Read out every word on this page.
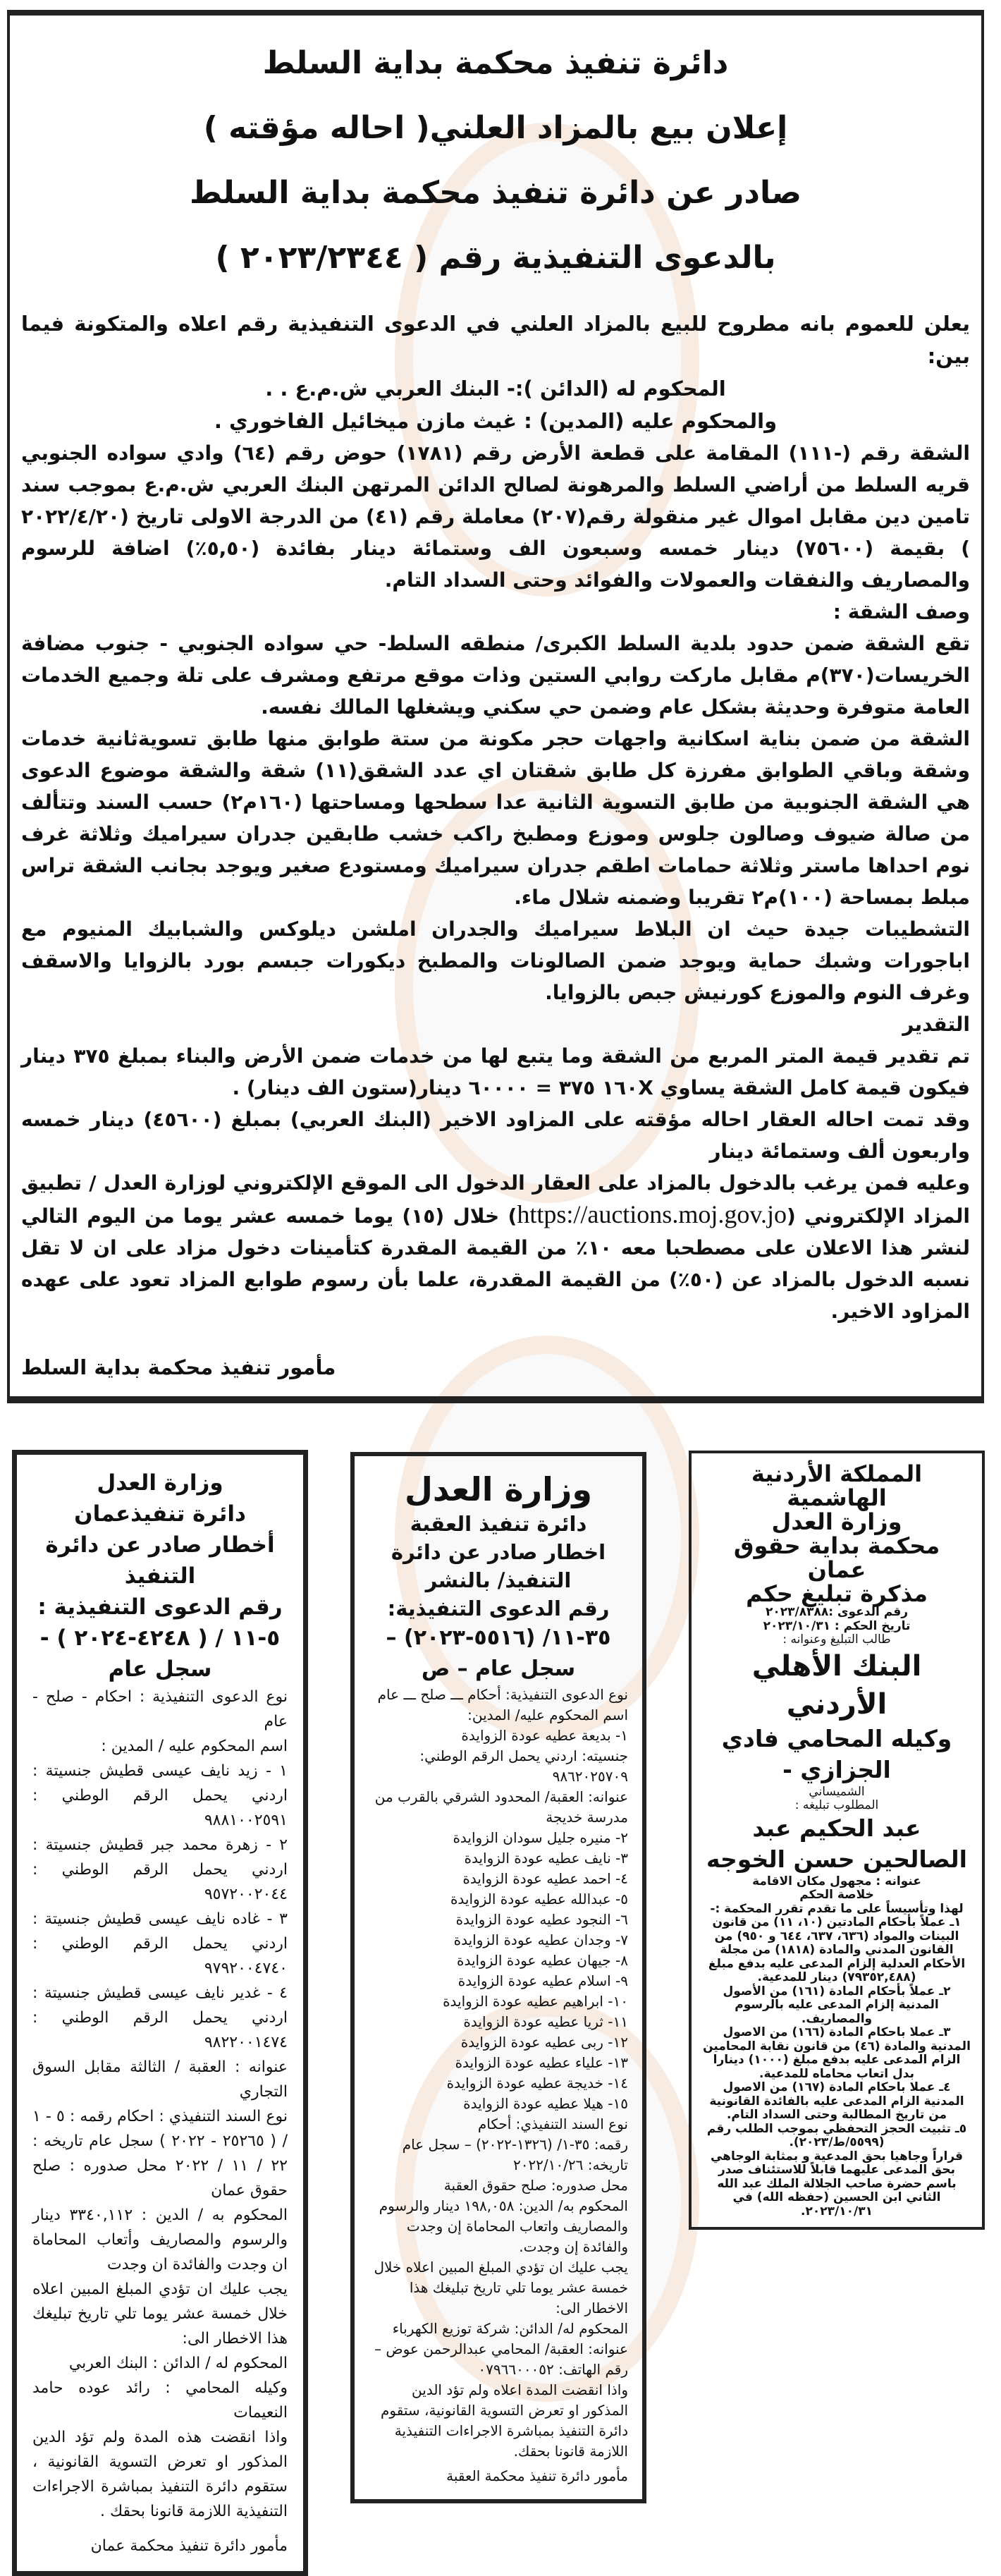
دائرة تنفيذ محكمة بداية السلط
إعلان بيع بالمزاد العلني( احاله مؤقته )
صادر عن دائرة تنفيذ محكمة بداية السلط
بالدعوى التنفيذية رقم ( ٢٠٢٣/٢٣٤٤ )

يعلن للعموم بانه مطروح للبيع بالمزاد العلني في الدعوى التنفيذية رقم اعلاه والمتكونة فيما بين:

المحكوم له (الدائن ):- البنك العربي ش.م.ع . .

والمحكوم عليه (المدين) : غيث مازن ميخائيل الفاخوري .

الشقة رقم (-١١١) المقامة على قطعة الأرض رقم (١٧٨١) حوض رقم (٦٤) وادي سواده الجنوبي قريه السلط من أراضي السلط والمرهونة لصالح الدائن المرتهن البنك العربي ش.م.ع بموجب سند تامين دين مقابل اموال غير منقولة رقم(٢٠٧) معاملة رقم (٤١) من الدرجة الاولى تاريخ (٢٠٢٢/٤/٢٠ ) بقيمة (٧٥٦٠٠) دينار خمسه وسبعون الف وستمائة دينار بفائدة (٥,٥٠٪) اضافة للرسوم والمصاريف والنفقات والعمولات والفوائد وحتى السداد التام.

وصف الشقة :

تقع الشقة ضمن حدود بلدية السلط الكبرى/ منطقه السلط- حي سواده الجنوبي - جنوب مضافة الخريسات(٣٧٠)م مقابل ماركت روابي الستين وذات موقع مرتفع ومشرف على تلة وجميع الخدمات العامة متوفرة وحديثة بشكل عام وضمن حي سكني ويشغلها المالك نفسه.

الشقة من ضمن بناية اسكانية واجهات حجر مكونة من ستة طوابق منها طابق تسويةثانية خدمات وشقة وباقي الطوابق مفرزة كل طابق شقتان اي عدد الشقق(١١) شقة والشقة موضوع الدعوى هي الشقة الجنوبية من طابق التسوية الثانية عدا سطحها ومساحتها (١٦٠م٢) حسب السند وتتألف من صالة ضيوف وصالون جلوس وموزع ومطبخ راكب خشب طابقين جدران سيراميك وثلاثة غرف نوم احداها ماستر وثلاثة حمامات اطقم جدران سيراميك ومستودع صغير ويوجد بجانب الشقة تراس مبلط بمساحة (١٠٠)م٢ تقريبا وضمنه شلال ماء.

التشطيبات جيدة حيث ان البلاط سيراميك والجدران املشن ديلوكس والشبابيك المنيوم مع اباجورات وشبك حماية ويوجد ضمن الصالونات والمطبخ ديكورات جبسم بورد بالزوايا والاسقف وغرف النوم والموزع كورنيش جبص بالزوايا.

التقدير

تم تقدير قيمة المتر المربع من الشقة وما يتبع لها من خدمات ضمن الأرض والبناء بمبلغ ٣٧٥ دينار فيكون قيمة كامل الشقة يساوي ١٦٠X ٣٧٥ = ٦٠٠٠٠ دينار(ستون الف دينار) .

وقد تمت احاله العقار احاله مؤقته على المزاود الاخير (البنك العربي) بمبلغ (٤٥٦٠٠) دينار خمسه واربعون ألف وستمائة دينار

وعليه فمن يرغب بالدخول بالمزاد على العقار الدخول الى الموقع الإلكتروني لوزارة العدل / تطبيق المزاد الإلكتروني (https://auctions.moj.gov.jo) خلال (١٥) يوما خمسه عشر يوما من اليوم التالي لنشر هذا الاعلان على مصطحبا معه ١٠٪ من القيمة المقدرة كتأمينات دخول مزاد على ان لا تقل نسبه الدخول بالمزاد عن (٥٠٪) من القيمة المقدرة، علما بأن رسوم طوابع المزاد تعود على عهده المزاود الاخير.

مأمور تنفيذ محكمة بداية السلط

المملكة الأردنية الهاشمية

وزارة العدل

محكمة بداية حقوق عمان

مذكرة تبليغ حكم

رقم الدعوى :٢٠٢٣/٨٣٨٨

تاريخ الحكم : ٢٠٢٣/١٠/٣١

طالب التبليغ وعنوانه :

البنك الأهلي الأردني

وكيله المحامي فادي الجزازي -

الشميساني

المطلوب تبليغه :

عبد الحكيم عبد الصالحين حسن الخوجه

عنوانه : مجهول مكان الاقامة

خلاصة الحكم

لهذا وتأسيساً على ما تقدم تقرر المحكمة :-

١ـ عملاً بأحكام المادتين (١٠، ١١) من قانون البينات والمواد (٦٣٦، ٦٣٧، ٦٤٤ و ٩٥٠) من القانون المدني والمادة (١٨١٨) من مجلة الأحكام العدلية إلزام المدعى عليه بدفع مبلغ (٧٩٣٥٢,٤٨٨) دينار للمدعية.

٢ـ عملاً بأحكام المادة (١٦١) من الأصول المدنية إلزام المدعى عليه بالرسوم والمصاريف.

٣ـ عملا باحكام المادة (١٦٦) من الاصول المدنية والمادة (٤٦) من قانون نقابة المحامين الزام المدعى عليه بدفع مبلغ (١٠٠٠) دينارا بدل اتعاب محاماه للمدعية.

٤ـ عملا باحكام المادة (١٦٧) من الاصول المدنية الزام المدعى عليه بالفائدة القانونية من تاريخ المطالبة وحتى السداد التام.

٥ـ تثبيت الحجز التحفظي بموجب الطلب رقم (٥٥٩٩/ط/٢٠٢٣).

قراراً وجاهيا بحق المدعية و بمثابة الوجاهي بحق المدعى عليهما قابلاً للاستئناف صدر باسم حضرة صاحب الجلالة الملك عبد الله الثاني ابن الحسين (حفظه الله) في ٢٠٢٣/١٠/٣١.

وزارة العدل

دائرة تنفيذ العقبة

اخطار صادر عن دائرة

التنفيذ/ بالنشر

رقم الدعوى التنفيذية:

٣٥-١١/ (٥٥١٦-٢٠٢٣) – سجل عام – ص

نوع الدعوى التنفيذية: أحكام ـــ صلح ـــ عام

اسم المحكوم عليه/ المدين:

١- بديعة عطيه عودة الزوايدة

جنسيته: اردني يحمل الرقم الوطني: ٩٨٦٢٠٢٥٧٠٩

عنوانه: العقبة/ المحدود الشرقي بالقرب من مدرسة خديجة

٢- منيره جليل سودان الزوايدة

٣- نايف عطيه عودة الزوايدة

٤- احمد عطيه عودة الزوايدة

٥- عبدالله عطيه عودة الزوايدة

٦- النجود عطيه عودة الزوايدة

٧- وجدان عطيه عودة الزوايدة

٨- جيهان عطيه عودة الزوايدة

٩- اسلام عطيه عودة الزوايدة

١٠- ابراهيم عطيه عودة الزوايدة

١١- ثريا عطيه عودة الزوايدة

١٢- ربى عطيه عودة الزوايدة

١٣- علياء عطيه عودة الزوايدة

١٤- خديجة عطيه عودة الزوايدة

١٥- هيلا عطيه عودة الزوايدة

نوع السند التنفيذي: أحكام

رقمه: ٣٥-١/ (١٣٢٦-٢٠٢٢) – سجل عام

تاريخه: ٢٠٢٢/١٠/٢٦

محل صدوره: صلح حقوق العقبة

المحكوم به/ الدين: ١٩٨,٠٥٨ دينار والرسوم والمصاريف واتعاب المحاماة إن وجدت والفائدة إن وجدت.

يجب عليك ان تؤدي المبلغ المبين اعلاه خلال خمسة عشر يوما تلي تاريخ تبليغك هذا الاخطار الى:

المحكوم له/ الدائن: شركة توزيع الكهرباء

عنوانه: العقبة/ المحامي عبدالرحمن عوض – رقم الهاتف: ٠٧٩٦٦٠٠٠٥٢

واذا انقضت المدة اعلاه ولم تؤد الدين المذكور او تعرض التسوية القانونية، ستقوم دائرة التنفيذ بمباشرة الاجراءات التنفيذية اللازمة قانونا بحقك.

مأمور دائرة تنفيذ محكمة العقبة

وزارة العدل

دائرة تنفيذعمان

أخطار صادر عن دائرة التنفيذ

رقم الدعوى التنفيذية : ٥-١١ / ( ٤٢٤٨-٢٠٢٤ ) - سجل عام

نوع الدعوى التنفيذية : احكام - صلح - عام

اسم المحكوم عليه / المدين :

١ - زيد نايف عيسى قطيش جنسيتة : اردني يحمل الرقم الوطني : ٩٨٨١٠٠٢٥٩١

٢ - زهرة محمد جبر قطيش جنسيتة : اردني يحمل الرقم الوطني : ٩٥٧٢٠٠٢٠٤٤

٣ - غاده نايف عيسى قطيش جنسيتة : اردني يحمل الرقم الوطني : ٩٧٩٢٠٠٤٧٤٠

٤ - غدير نايف عيسى قطيش جنسيتة : اردني يحمل الرقم الوطني : ٩٨٢٢٠٠١٤٧٤

عنوانه : العقبة / الثالثة مقابل السوق التجاري

نوع السند التنفيذي : احكام رقمه : ٥ - ١ / ( ٢٥٢٦٥ - ٢٠٢٢ ) سجل عام تاريخه : ٢٢ / ١١ / ٢٠٢٢ محل صدوره : صلح حقوق عمان

المحكوم به / الدين : ٣٣٤٠,١١٢ دينار والرسوم والمصاريف وأتعاب المحاماة ان وجدت والفائدة ان وجدت

يجب عليك ان تؤدي المبلغ المبين اعلاه خلال خمسة عشر يوما تلي تاريخ تبليغك هذا الاخطار الى:

المحكوم له / الدائن : البنك العربي

وكيله المحامي : رائد عوده حامد النعيمات

واذا انقضت هذه المدة ولم تؤد الدين المذكور او تعرض التسوية القانونية ، ستقوم دائرة التنفيذ بمباشرة الاجراءات التنفيذية اللازمة قانونا بحقك .

مأمور دائرة تنفيذ محكمة عمان
